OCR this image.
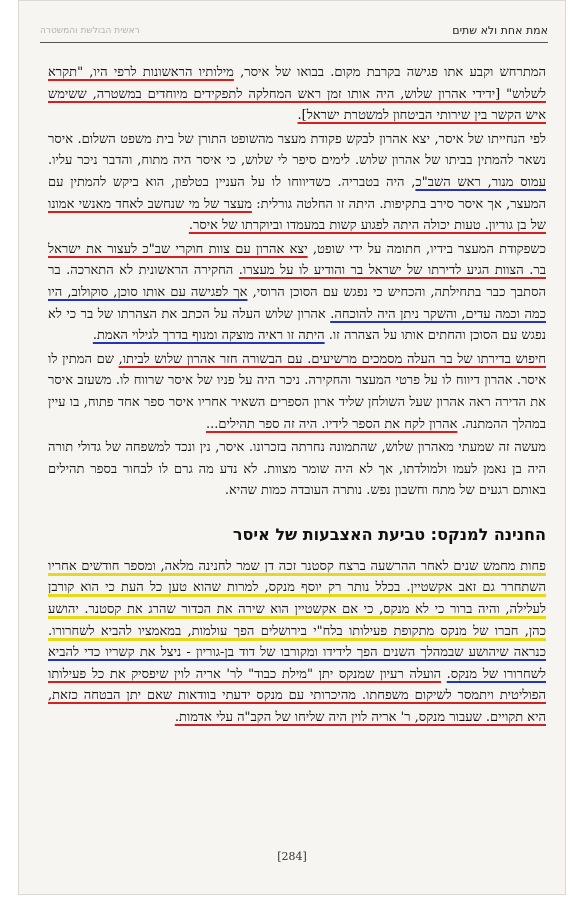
אמת אחת ולא שתים
ראשית הבולשת והמשטרה

המתרחש וקבע אתו פגישה בקרבת מקום. בבואו של איסר, מילותיו הראשונות לרפי היו, "תקרא לשלוש" [ידידי אהרון שלוש, היה אותו זמן ראש המחלקה לתפקידים מיוחדים במשטרה, ששימש איש הקשר בין שירותי הביטחון למשטרת ישראל].

לפי הנחייתו של איסר, יצא אהרון לבקש פקודת מעצר מהשופט התורן של בית משפט השלום. איסר נשאר להמתין בביתו של אהרון שלוש. לימים סיפר לי שלוש, כי איסר היה מתוח, והדבר ניכר עליו. עמוס מנור, ראש השב"כ, היה בטבריה. כשדיווחו לו על העניין בטלפון, הוא ביקש להמתין עם המעצר, אך איסר סירב בתקיפות. היתה זו החלטה גורלית: מעצר של מי שנחשב לאחד מאנשי אמונו של בן גוריון. טעות יכולה היתה לפגוע קשות במעמדו וביוקרתו של איסר.

כשפקודת המעצר בידיו, חתומה על ידי שופט, יצא אהרון עם צוות חוקרי שב"כ לעצור את ישראל בר. הצוות הגיע לדירתו של ישראל בר והודיע לו על מעצרו. החקירה הראשונית לא התארכה. בר הסתבך כבר בתחילתה, והכחיש כי נפגש עם הסוכן הרוסי, אך לפגישה עם אותו סוכן, סוקולוב, היו כמה וכמה עדים, והשקר ניתן היה להוכחה. אהרון שלוש העלה על הכתב את הצהרתו של בר כי לא נפגש עם הסוכן והחתים אותו על הצהרה זו. היתה זו ראיה מוצקה ומנוף בדרך לגילוי האמת.

חיפוש בדירתו של בר העלה מסמכים מרשיעים. עם הבשורה חזר אהרון שלוש לביתו, שם המתין לו איסר. אהרון דיווח לו על פרטי המעצר והחקירה. ניכר היה על פניו של איסר שרווח לו. משעזב איסר את הדירה ראה אהרון שעל השולחן שליד ארון הספרים השאיר אחריו איסר ספר אחד פתוח, בו עיין במהלך ההמתנה. אהרון לקח את הספר לידיו. היה זה ספר תהילים...

מעשה זה שמעתי מאהרון שלוש, שהתמונה נחרתה בזכרונו. איסר, נין ונכד למשפחה של גדולי תורה היה בן נאמן לעמו ולמולדתו, אך לא היה שומר מצוות. לא נדע מה גרם לו לבחור בספר תהילים באותם רגעים של מתח וחשבון נפש. נותרה העובדה כמות שהיא.

החנינה למנקס: טביעת האצבעות של איסר

פחות מחמש שנים לאחר ההרשעה ברצח קסטנר זכה דן שמר לחנינה מלאה, ומספר חודשים אחריו השתחרר גם זאב אקשטיין. בכלל נותר רק יוסף מנקס, למרות שהוא טען כל העת כי הוא קורבן לעלילה, והיה ברור כי לא מנקס, כי אם אקשטיין הוא שירה את הכדור שהרג את קסטנר. יהושע כהן, חברו של מנקס מתקופת פעילותו בלח"י בירושלים הפך עולמות, במאמציו להביא לשחרורו. כנראה שיהושע שבמהלך השנים הפך לידידו ומקורבו של דוד בן-גוריון - ניצל את קשריו כדי להביא לשחרורו של מנקס. הועלה רעיון שמנקס יתן "מילת כבוד" לר' אריה לוין שיפסיק את כל פעילותו הפוליטית ויתמסר לשיקום משפחתו. מהיכרותי עם מנקס ידעתי בוודאות שאם יתן הבטחה כזאת, היא תקויים. שעבור מנקס, ר' אריה לוין היה שליחו של הקב"ה עלי אדמות.

[284]
